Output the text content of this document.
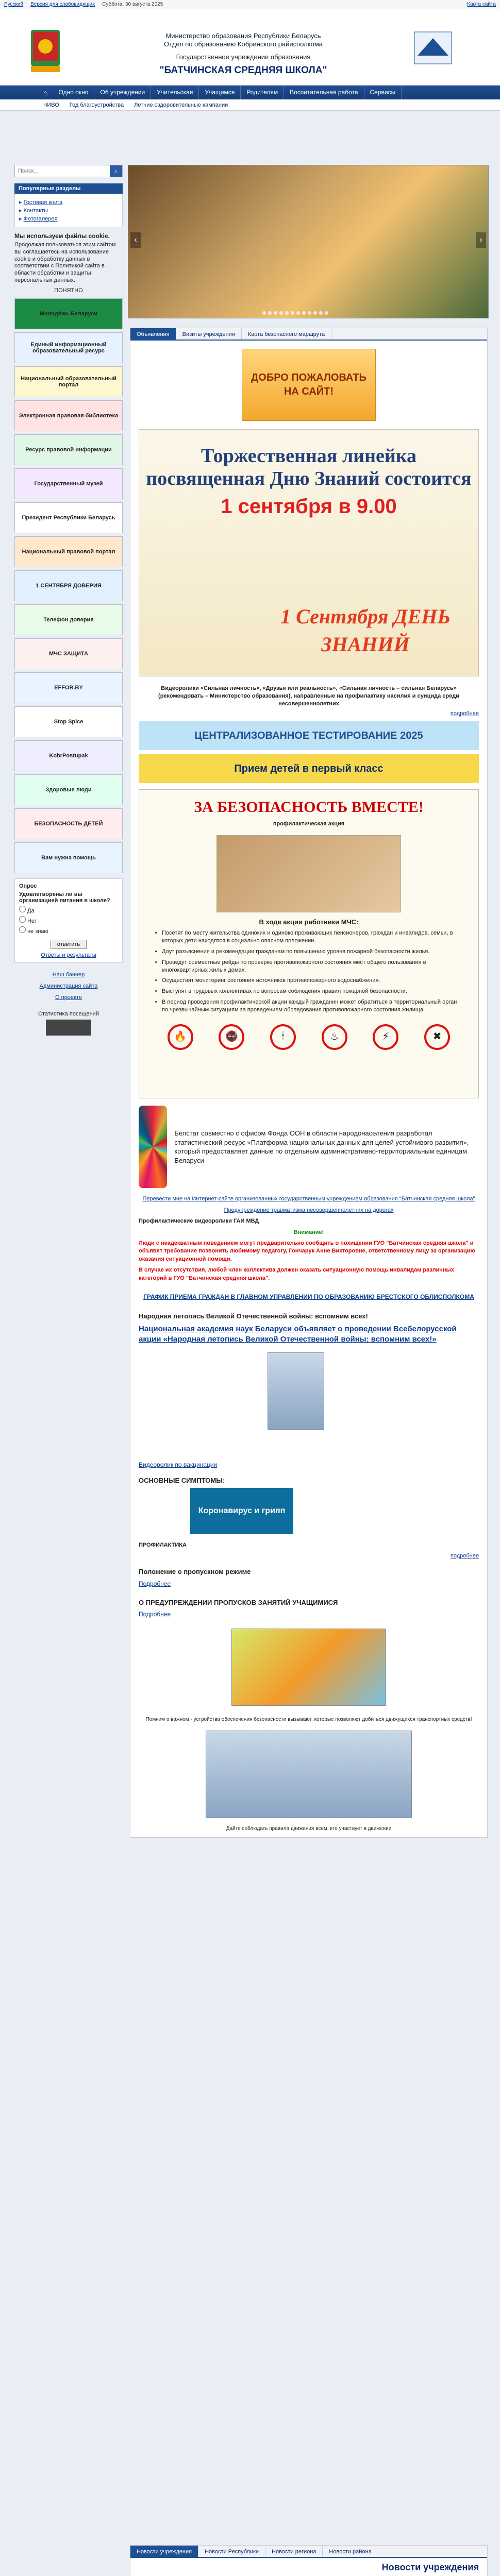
Русский Версия для слабовидящих Суббота, 30 августа 2025	Карта сайта
Министерство образования Республики Беларусь
Отдел по образованию Кобринского райисполкома
Государственное учреждение образования
"БАТЧИНСКАЯ СРЕДНЯЯ ШКОЛА"
⌂	Одно окно	Об учреждении	Учительская	Учащимся	Родителям	Воспитательная работа	Сервисы
ЧИВО	Год благоустройства	Летние оздоровительные кампании
Поиск...
⌕
Популярные разделы
▸ Гостевая книга
▸ Контакты
▸ Фотогалерея
Мы используем файлы cookie.
Продолжая пользоваться этим сайтом вы соглашаетесь на использование cookie и обработку данных в соответствии с Политикой сайта в области обработки и защиты персональных данных.
ПОНЯТНО
Молодёжь Беларуси
Единый информационный образовательный ресурс
Национальный образовательный портал
Электронная правовая библиотека
Ресурс правовой информации
Государственный музей
Президент Республики Беларусь
Национальный правовой портал
1 СЕНТЯБРЯ ДОВЕРИЯ
Телефон доверия
МЧС ЗАЩИТА
EFFOR.BY
Stop Spice
KobrPostupak
Здоровые люди
БЕЗОПАСНОСТЬ ДЕТЕЙ
Вам нужна помощь
Опрос
Удовлетворены ли вы организацией питания в школе?
Да
Нет
не знаю
ответить
Ответы и результаты
Наш баннер
Администрация сайта
О проекте
Статистика посещений
‹	›
Объявления	Визиты учреждения	Карта безопасного маршрута
ДОБРО ПОЖАЛОВАТЬ НА САЙТ!
Торжественная линейка посвященная Дню Знаний состоится
1 сентября в 9.00
1 Сентября ДЕНЬ ЗНАНИЙ

Видеоролики «Сильная личность», «Друзья или реальность», «Сильная личность – сильная Беларусь» (рекомендовать – Министерство образования), направленные на профилактику насилия и суицида среди несовершеннолетних

подробнее
ЦЕНТРАЛИЗОВАННОЕ ТЕСТИРОВАНИЕ 2025
Прием детей в первый класс
ЗА БЕЗОПАСНОСТЬ ВМЕСТЕ!
профилактическая акция
В ходе акции работники МЧС:
• Посетят по месту жительства одиноких и одиноко проживающих пенсионеров, граждан и инвалидов, семьи, в которых дети находятся в социально опасном положении.
• Доут разъяснения и рекомендации гражданам по повышению уровня пожарной безопасности жилья.
• Проведут совместные рейды по проверке противопожарного состояния мест общего пользования в многоквартирных жилых домах.
• Осуществят мониторинг состояния источников противопожарного водоснабжения.
• Выступят в трудовых коллективах по вопросам соблюдения правил пожарной безопасности.
• В период проведения профилактической акции каждый гражданин может обратиться в территориальный орган по чрезвычайным ситуациям за проведением обследования противопожарного состояния жилища.
🔥	🚭	🕯	♨	⚡	✖
Белстат совместно с офисом Фонда ООН в области народонаселения разработал статистический ресурс «Платформа национальных данных для целей устойчивого развития», который предоставляет данные по отдельным административно-территориальным единицам Беларуси
Перевести мне на Интернет-сайте организованных государственным учреждением образования "Батчинская средняя школа"
Предупреждение травматизма несовершеннолетних на дорогах
Профилактические видеоролики ГАИ МВД
Внимание!

Люди с неадекватным поведением могут предварительно сообщить о похищении ГУО "Батчинская средняя школа" и объявят требование позвонить любимому педагогу, Гончарук Анне Викторовне, ответственному лицу за организацию оказания ситуационной помощи.

В случае их отсутствия, любой член коллектива должен оказать ситуационную помощь инвалидам различных категорий в ГУО "Батчинская средняя школа".

ГРАФИК ПРИЕМА ГРАЖДАН В ГЛАВНОМ УПРАВЛЕНИИ ПО ОБРАЗОВАНИЮ БРЕСТСКОГО ОБЛИСПОЛКОМА
Народная летопись Великой Отечественной войны: вспомним всех!
Национальная академия наук Беларуси объявляет о проведении Всебелорусской акции «Народная летопись Великой Отечественной войны: вспомним всех!»
Видеоролик по вакцинации
ОСНОВНЫЕ СИМПТОМЫ:
Коронавирус и грипп
ПРОФИЛАКТИКА
подробнее
Положение о пропускном режиме
Подробнее
О ПРЕДУПРЕЖДЕНИИ ПРОПУСКОВ ЗАНЯТИЙ УЧАЩИМИСЯ
Подробнее

Помним о важном - устройства обеспечения безопасности вызывают, которые позволяют добиться движущихся транспортных средств!

Дайте соблюдать правила движения всем, кто участвует в движении

Новости учреждения	Новости Республики	Новости региона	Новости района
Новости учреждения
